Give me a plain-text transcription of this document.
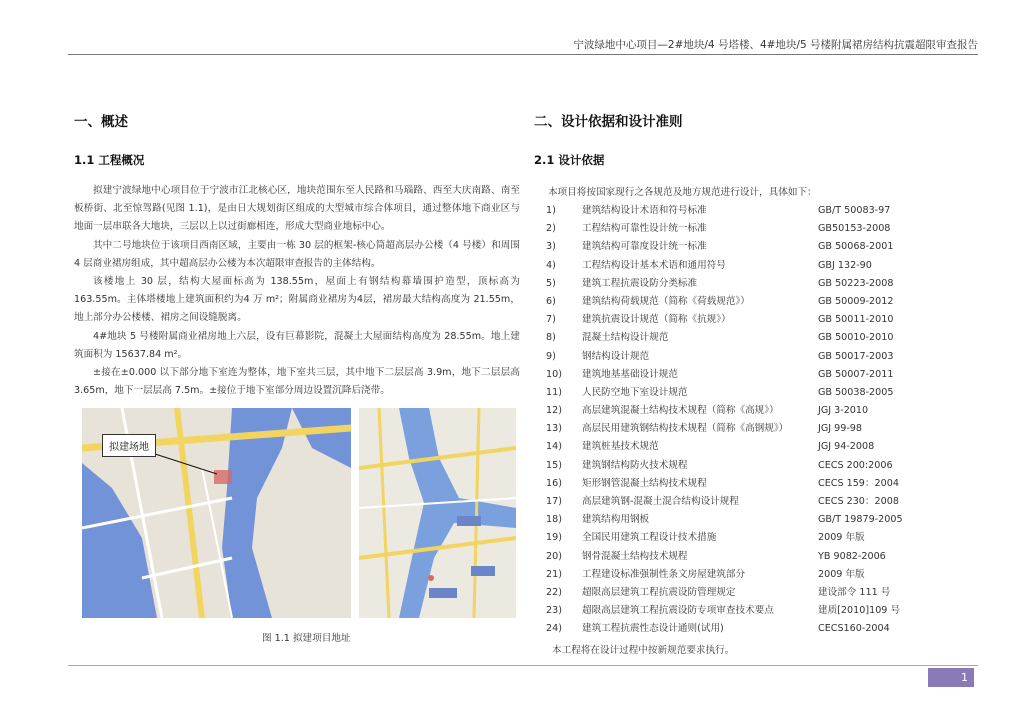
宁波绿地中心项目—2#地块/4 号塔楼、4#地块/5 号楼附属裙房结构抗震超限审查报告
一、概述
1.1 工程概况

拟建宁波绿地中心项目位于宁波市江北核心区，地块范围东至人民路和马瑙路、西至大庆南路、南至板桥街、北至惊驾路(见图 1.1)，是由日大规划街区组成的大型城市综合体项目，通过整体地下商业区与地面一层串联各大地块，三层以上以过街廊相连，形成大型商业地标中心。

其中二号地块位于该项目西南区域，主要由一栋 30 层的框架-核心筒超高层办公楼（4 号楼）和周围 4 层商业裙房组成，其中超高层办公楼为本次超限审查报告的主体结构。

该楼地上 30 层，结构大屋面标高为 138.55m，屋面上有钢结构幕墙围护造型，顶标高为 163.55m。主体塔楼地上建筑面积约为4 万 m²；附属商业裙房为4层，裙房最大结构高度为 21.55m，地上部分办公楼楼、裙房之间设缝脱离。

4#地块 5 号楼附属商业裙房地上六层，设有巨幕影院，混凝土大屋面结构高度为 28.55m。地上建筑面积为 15637.84 m²。

±接在±0.000 以下部分地下室连为整体，地下室共三层，其中地下二层层高 3.9m，地下二层层高 3.65m，地下一层层高 7.5m。±接位于地下室部分周边设置沉降后浇带。

拟建场地
图 1.1 拟建项目地址
二、设计依据和设计准则
2.1 设计依据
本项目将按国家现行之各规范及地方规范进行设计，具体如下：
1)	建筑结构设计术语和符号标准	GB/T 50083-97
2)	工程结构可靠性设计统一标准	GB50153-2008
3)	建筑结构可靠度设计统一标准	GB 50068-2001
4)	工程结构设计基本术语和通用符号	GBJ 132-90
5)	建筑工程抗震设防分类标准	GB 50223-2008
6)	建筑结构荷载规范（简称《荷载规范》）	GB 50009-2012
7)	建筑抗震设计规范（简称《抗规》）	GB 50011-2010
8)	混凝土结构设计规范	GB 50010-2010
9)	钢结构设计规范	GB 50017-2003
10)	建筑地基基础设计规范	GB 50007-2011
11)	人民防空地下室设计规范	GB 50038-2005
12)	高层建筑混凝土结构技术规程（简称《高规》）	JGJ 3-2010
13)	高层民用建筑钢结构技术规程（简称《高钢规》）	JGJ 99-98
14)	建筑桩基技术规范	JGJ 94-2008
15)	建筑钢结构防火技术规程	CECS 200:2006
16)	矩形钢管混凝土结构技术规程	CECS 159：2004
17)	高层建筑钢-混凝土混合结构设计规程	CECS 230：2008
18)	建筑结构用钢板	GB/T 19879-2005
19)	全国民用建筑工程设计技术措施	2009 年版
20)	钢骨混凝土结构技术规程	YB 9082-2006
21)	工程建设标准强制性条文房屋建筑部分	2009 年版
22)	超限高层建筑工程抗震设防管理规定	建设部令 111 号
23)	超限高层建筑工程抗震设防专项审查技术要点	建质[2010]109 号
24)	建筑工程抗震性态设计通则(试用)	CECS160-2004
本工程将在设计过程中按新规范要求执行。
1
